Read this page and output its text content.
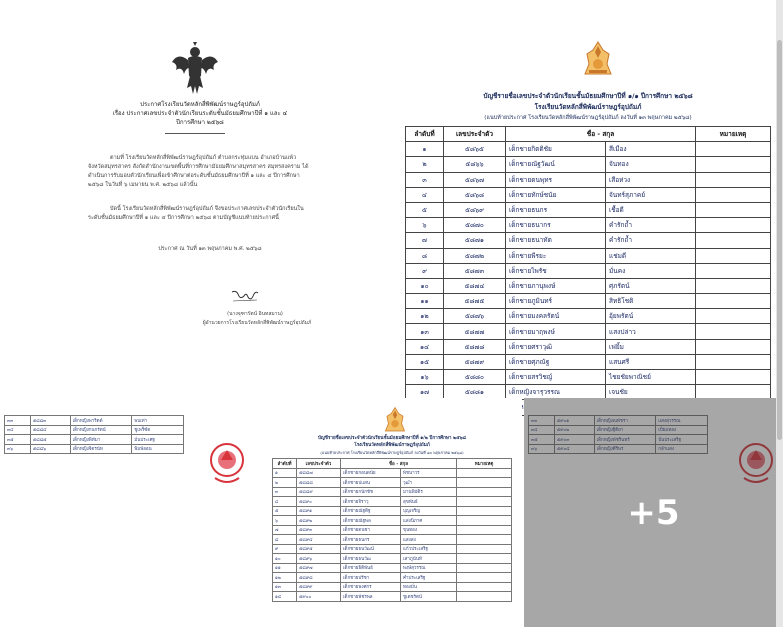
ประกาศโรงเรียนวัดหลักสี่พิพัฒน์ราษฎร์อุปถัมภ์
เรื่อง ประกาศเลขประจำตัวนักเรียนระดับชั้นมัธยมศึกษาปีที่ ๑ และ ๔
ปีการศึกษา ๒๕๖๘
ตามที่ โรงเรียนวัดหลักสี่พิพัฒน์ราษฎร์อุปถัมภ์ ตำบลกระทุ่มแบน อำเภอบ้านแพ้ว จังหวัดสมุทรสาคร สังกัดสำนักงานเขตพื้นที่การศึกษามัธยมศึกษาสมุทรสาคร สมุทรสงคราม ได้ดำเนินการรับมอบตัวนักเรียนเพื่อเข้าศึกษาต่อระดับชั้นมัธยมศึกษาปีที่ ๑ และ ๔ ปีการศึกษา ๒๕๖๘ ในวันที่ ๖ เมษายน พ.ศ. ๒๕๖๘ แล้วนั้น
บัดนี้ โรงเรียนวัดหลักสี่พิพัฒน์ราษฎร์อุปถัมภ์ จึงขอประกาศเลขประจำตัวนักเรียนในระดับชั้นมัธยมศึกษาปีที่ ๑ และ ๔ ปีการศึกษา ๒๕๖๘ ตามบัญชีแนบท้ายประกาศนี้
ประกาศ ณ วันที่ ๑๓ พฤษภาคม พ.ศ. ๒๕๖๘
(นางจุฑารัตน์ อินทสมาน)
ผู้อำนวยการโรงเรียนวัดหลักสี่พิพัฒน์ราษฎร์อุปถัมภ์
บัญชีรายชื่อเลขประจำตัวนักเรียนชั้นมัธยมศึกษาปีที่ ๑/๑ ปีการศึกษา ๒๕๖๘
โรงเรียนวัดหลักสี่พิพัฒน์ราษฎร์อุปถัมภ์
(แนบท้ายประกาศ โรงเรียนวัดหลักสี่พิพัฒน์ราษฎร์อุปถัมภ์ ลงวันที่ ๑๓ พฤษภาคม ๒๕๖๘)
ลำดับที่	เลขประจำตัว	ชื่อ - สกุล		หมายเหตุ
๑	๕๘๖๕	เด็กชายกิตติชัย	สีเมือง	
๒	๕๘๖๖	เด็กชายณัฐวัฒน์	จันทอง	
๓	๕๘๖๗	เด็กชายดนพุทร	เสือห่วง	
๔	๕๘๖๘	เด็กชายทักษ์ชนัย	จันทร์สุภาคย์	
๕	๕๘๖๙	เด็กชายธนกร	เชื้อดี	
๖	๕๘๗๐	เด็กชายธนากร	คำรักถ้ำ	
๗	๕๘๗๑	เด็กชายธนาทัต	คำรักถ้ำ	
๘	๕๘๗๒	เด็กชายพีรยะ	แช่มดี	
๙	๕๘๗๓	เด็กชายไพรัช	มั่นคง	
๑๐	๕๘๗๔	เด็กชายภานุพงษ์	ศุภรัตน์	
๑๑	๕๘๗๕	เด็กชายภูมินทร์	สิทธิโชติ	
๑๒	๕๘๗๖	เด็กชายมงคลรัตน์	อุ้ยพรัตน์	
๑๓	๕๘๗๗	เด็กชายมาฤพงษ์	แสงปล่าว	
๑๔	๕๘๗๘	เด็กชายศราวุฒิ	เฟยิ้ม	
๑๕	๕๘๗๙	เด็กชายศุภณัฐ	แสนศรี	
๑๖	๕๘๘๐	เด็กชายสรวิชญ์	ไชยชัยพาณิชย์	
๑๗	๕๘๘๑	เด็กหญิงจารุวรรณ	เจนชัย	

๓๓	๕๘๘๓	เด็กหญิงพาริตต์	พบเท่า
๓๔	๕๘๘๔	เด็กหญิงกนกรัตน์	ชูเพร็ซ์ด
๓๕	๕๘๘๕	เด็กหญิงพิทัมา	มั่นประเศฐ
๓๖	๕๘๘๖	เด็กหญิงจิตรนัท	พิมพ์ออน
บัญชีรายชื่อเลขประจำตัวนักเรียนชั้นมัธยมศึกษาปีที่ ๑/๒ ปีการศึกษา ๒๕๖๘
โรงเรียนวัดหลักสี่พิพัฒน์ราษฎร์อุปถัมภ์
(แนบท้ายประกาศ โรงเรียนวัดหลักสี่พิพัฒน์ราษฎร์อุปถัมภ์ ลงวันที่ ๑๓ พฤษภาคม ๒๕๖๘)
ลำดับที่	เลขประจำตัว	ชื่อ - สกุล		หมายเหตุ
๑	๕๘๘๗	เด็กชายกอนดนัย	พัชนาวร	
๒	๕๘๘๘	เด็กชายปแสน	วุฒำ	
๓	๕๘๘๙	เด็กชายกนักชัช	มานพิบัติร	
๔	๕๘๙๐	เด็กชายจิราวุ	สุขพันธ์	
๕	๕๘๙๑	เด็กชายณัฐดิฐ	บุญเจริญ	
๖	๕๘๙๒	เด็กชายณัฐพล	แสงนิภาศ	
๗	๕๘๙๓	เด็กชายดนชา	ขุนทอง	
๘	๕๘๙๔	เด็กชายธนกร	แสงสง	
๙	๕๘๙๕	เด็กชายธนวัฒน์	แก้วประเสริฐ	
๑๐	๕๘๙๖	เด็กชายธนวัฒ	เสาภูนันท์	
๑๑	๕๘๙๗	เด็กชายธิติพันธ์	พงษ์สุวรรณ	
๑๒	๕๘๙๘	เด็กชายปรีชา	คำประเสริฐ	
๑๓	๕๘๙๙	เด็กชายพงศกร	ทองมั่น	
๑๔	๕๙๐๐	เด็กชายพัชรพล	ชูเดชรัตน์	
๓๓	๕๙๐๑	เด็กหญิงณพัชรา	แสงสุวรรณ
๓๔	๕๙๐๒	เด็กหญิงฐิติยา	เปี่ยมทอง
๓๕	๕๙๐๓	เด็กหญิงพัชรินทร์	ปั่นประเสริฐ
๓๖	๕๙๐๔	เด็กหญิงศิริพร	กล้าแสง
+5
